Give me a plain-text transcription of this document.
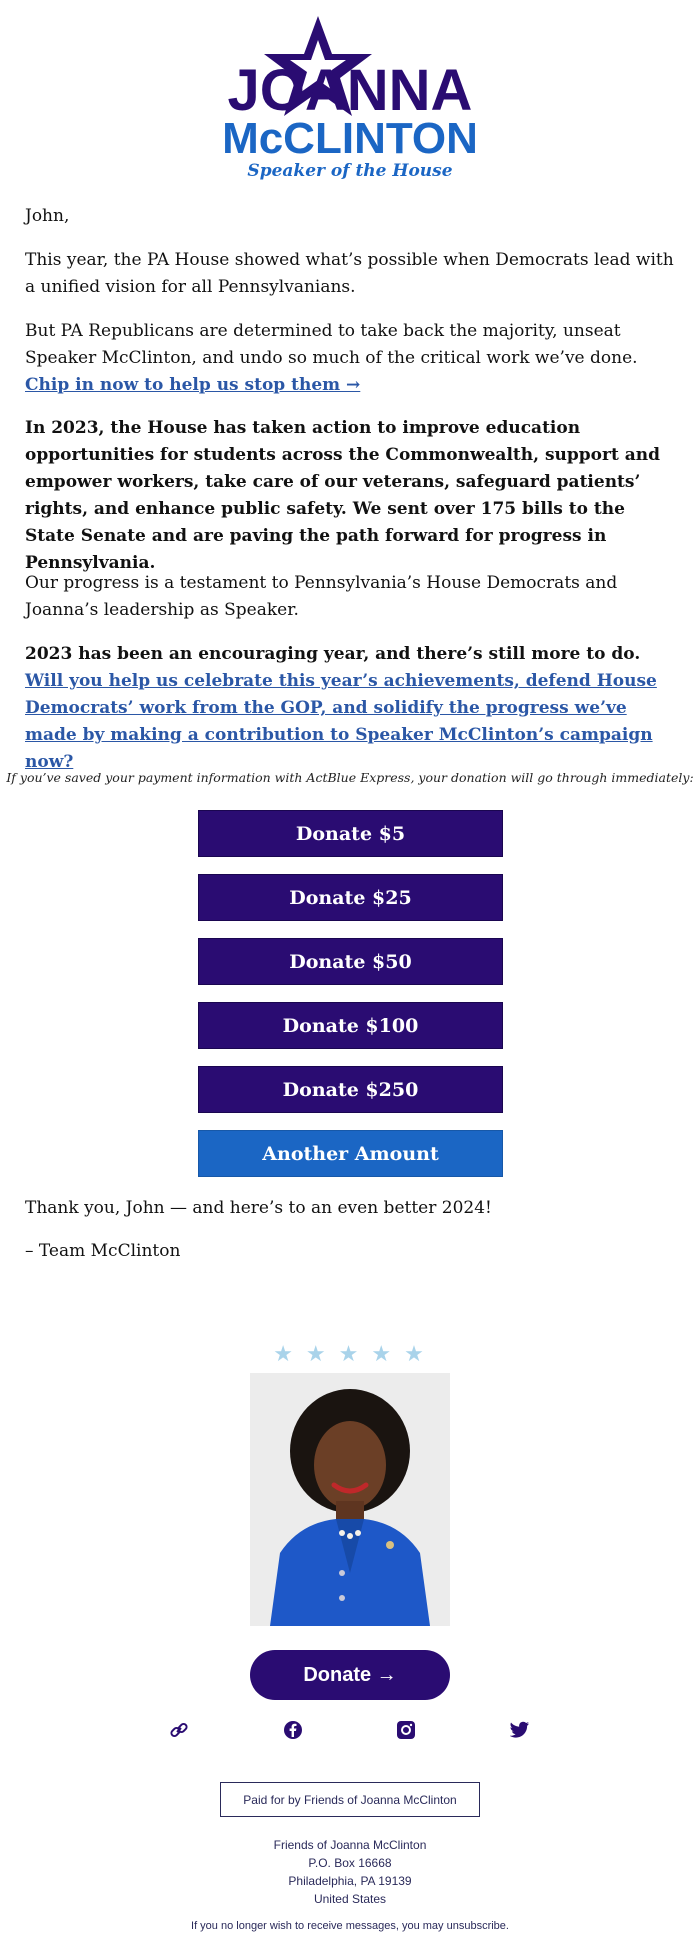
JOANNA
McCLINTON
Speaker of the House

John,

This year, the PA House showed what’s possible when Democrats lead with a unified vision for all Pennsylvanians.

But PA Republicans are determined to take back the majority, unseat Speaker McClinton, and undo so much of the critical work we’ve done. Chip in now to help us stop them →

In 2023, the House has taken action to improve education opportunities for students across the Commonwealth, support and empower workers, take care of our veterans, safeguard patients’ rights, and enhance public safety. We sent over 175 bills to the State Senate and are paving the path forward for progress in Pennsylvania.

Our progress is a testament to Pennsylvania’s House Democrats and Joanna’s leadership as Speaker.

2023 has been an encouraging year, and there’s still more to do. Will you help us celebrate this year’s achievements, defend House Democrats’ work from the GOP, and solidify the progress we’ve made by making a contribution to Speaker McClinton’s campaign now?

If you’ve saved your payment information with ActBlue Express, your donation will go through immediately:

Donate $5
Donate $25
Donate $50
Donate $100
Donate $250
Another Amount

Thank you, John — and here’s to an even better 2024!

– Team McClinton

★ ★ ★ ★ ★
Donate →
Paid for by Friends of Joanna McClinton
Friends of Joanna McClinton
P.O. Box 16668
Philadelphia, PA 19139
United States
If you no longer wish to receive messages, you may unsubscribe.
